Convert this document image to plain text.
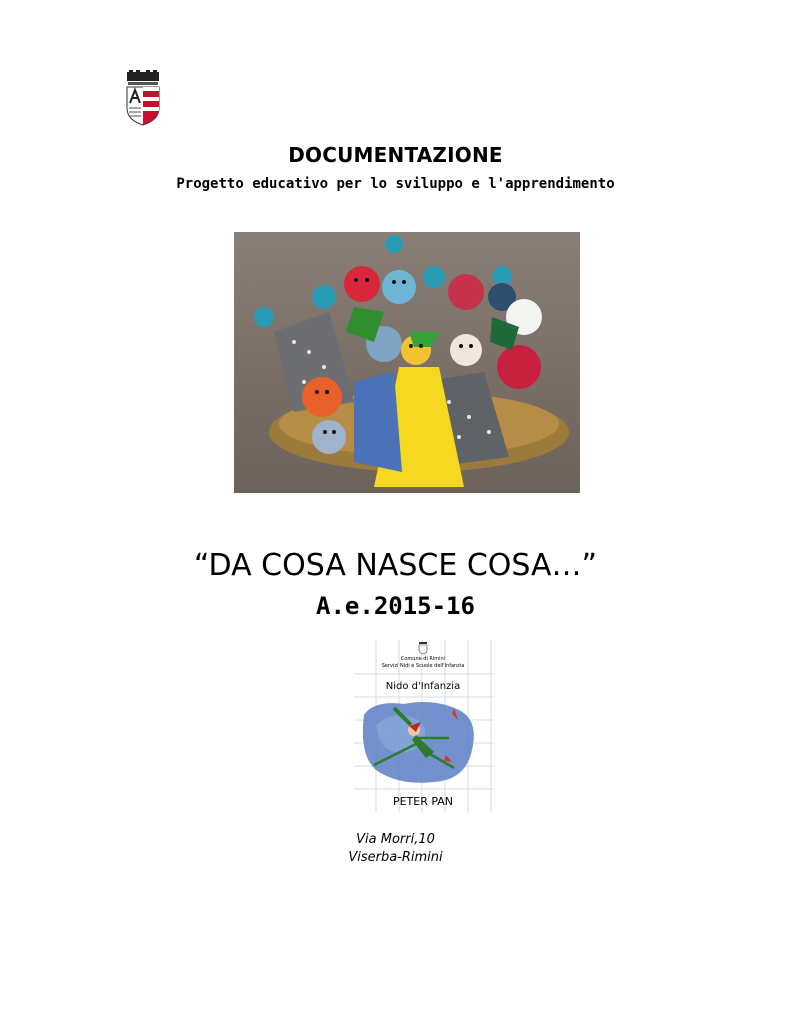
DOCUMENTAZIONE
Progetto educativo per lo sviluppo e l'apprendimento
“DA COSA NASCE COSA…”
A.e.2015-16
Comune di Rimini
Servizi Nidi e Scuole dell'Infanzia
Nido d'Infanzia
PETER PAN
Via Morri,10
Viserba-Rimini
